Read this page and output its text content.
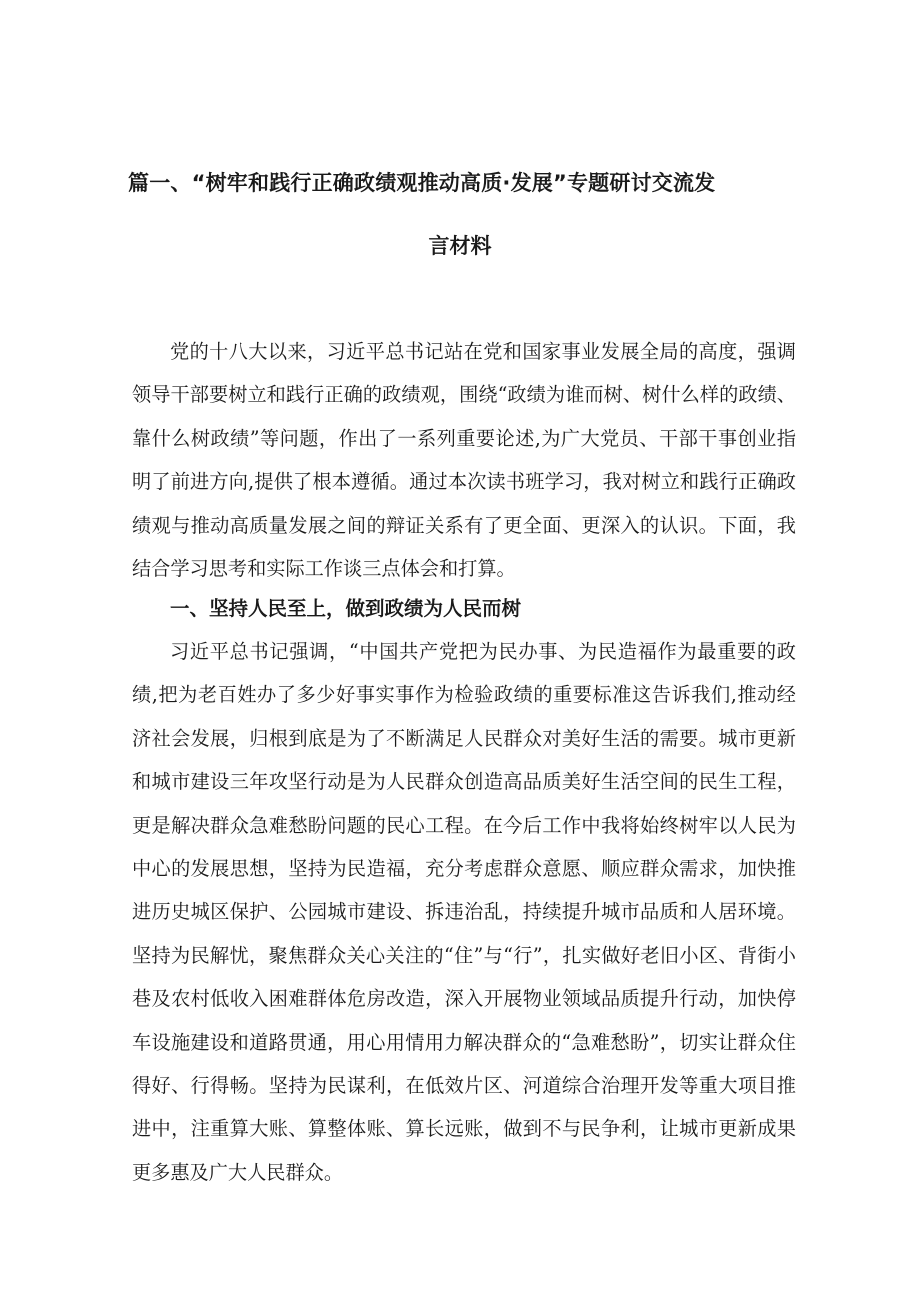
篇一、“树牢和践行正确政绩观推动高质·发展”专题研讨交流发
言材料

党的十八大以来，习近平总书记站在党和国家事业发展全局的高度，强调领导干部要树立和践行正确的政绩观，围绕“政绩为谁而树、树什么样的政绩、靠什么树政绩”等问题，作出了一系列重要论述,为广大党员、干部干事创业指明了前进方向,提供了根本遵循。通过本次读书班学习，我对树立和践行正确政绩观与推动高质量发展之间的辩证关系有了更全面、更深入的认识。下面，我结合学习思考和实际工作谈三点体会和打算。

一、坚持人民至上，做到政绩为人民而树

习近平总书记强调，“中国共产党把为民办事、为民造福作为最重要的政绩,把为老百姓办了多少好事实事作为检验政绩的重要标准这告诉我们,推动经济社会发展，归根到底是为了不断满足人民群众对美好生活的需要。城市更新和城市建设三年攻坚行动是为人民群众创造高品质美好生活空间的民生工程，更是解决群众急难愁盼问题的民心工程。在今后工作中我将始终树牢以人民为中心的发展思想，坚持为民造福，充分考虑群众意愿、顺应群众需求，加快推进历史城区保护、公园城市建设、拆违治乱，持续提升城市品质和人居环境。坚持为民解忧，聚焦群众关心关注的“住”与“行”，扎实做好老旧小区、背街小巷及农村低收入困难群体危房改造，深入开展物业领域品质提升行动，加快停车设施建设和道路贯通，用心用情用力解决群众的“急难愁盼”，切实让群众住得好、行得畅。坚持为民谋利，在低效片区、河道综合治理开发等重大项目推进中，注重算大账、算整体账、算长远账，做到不与民争利，让城市更新成果更多惠及广大人民群众。
